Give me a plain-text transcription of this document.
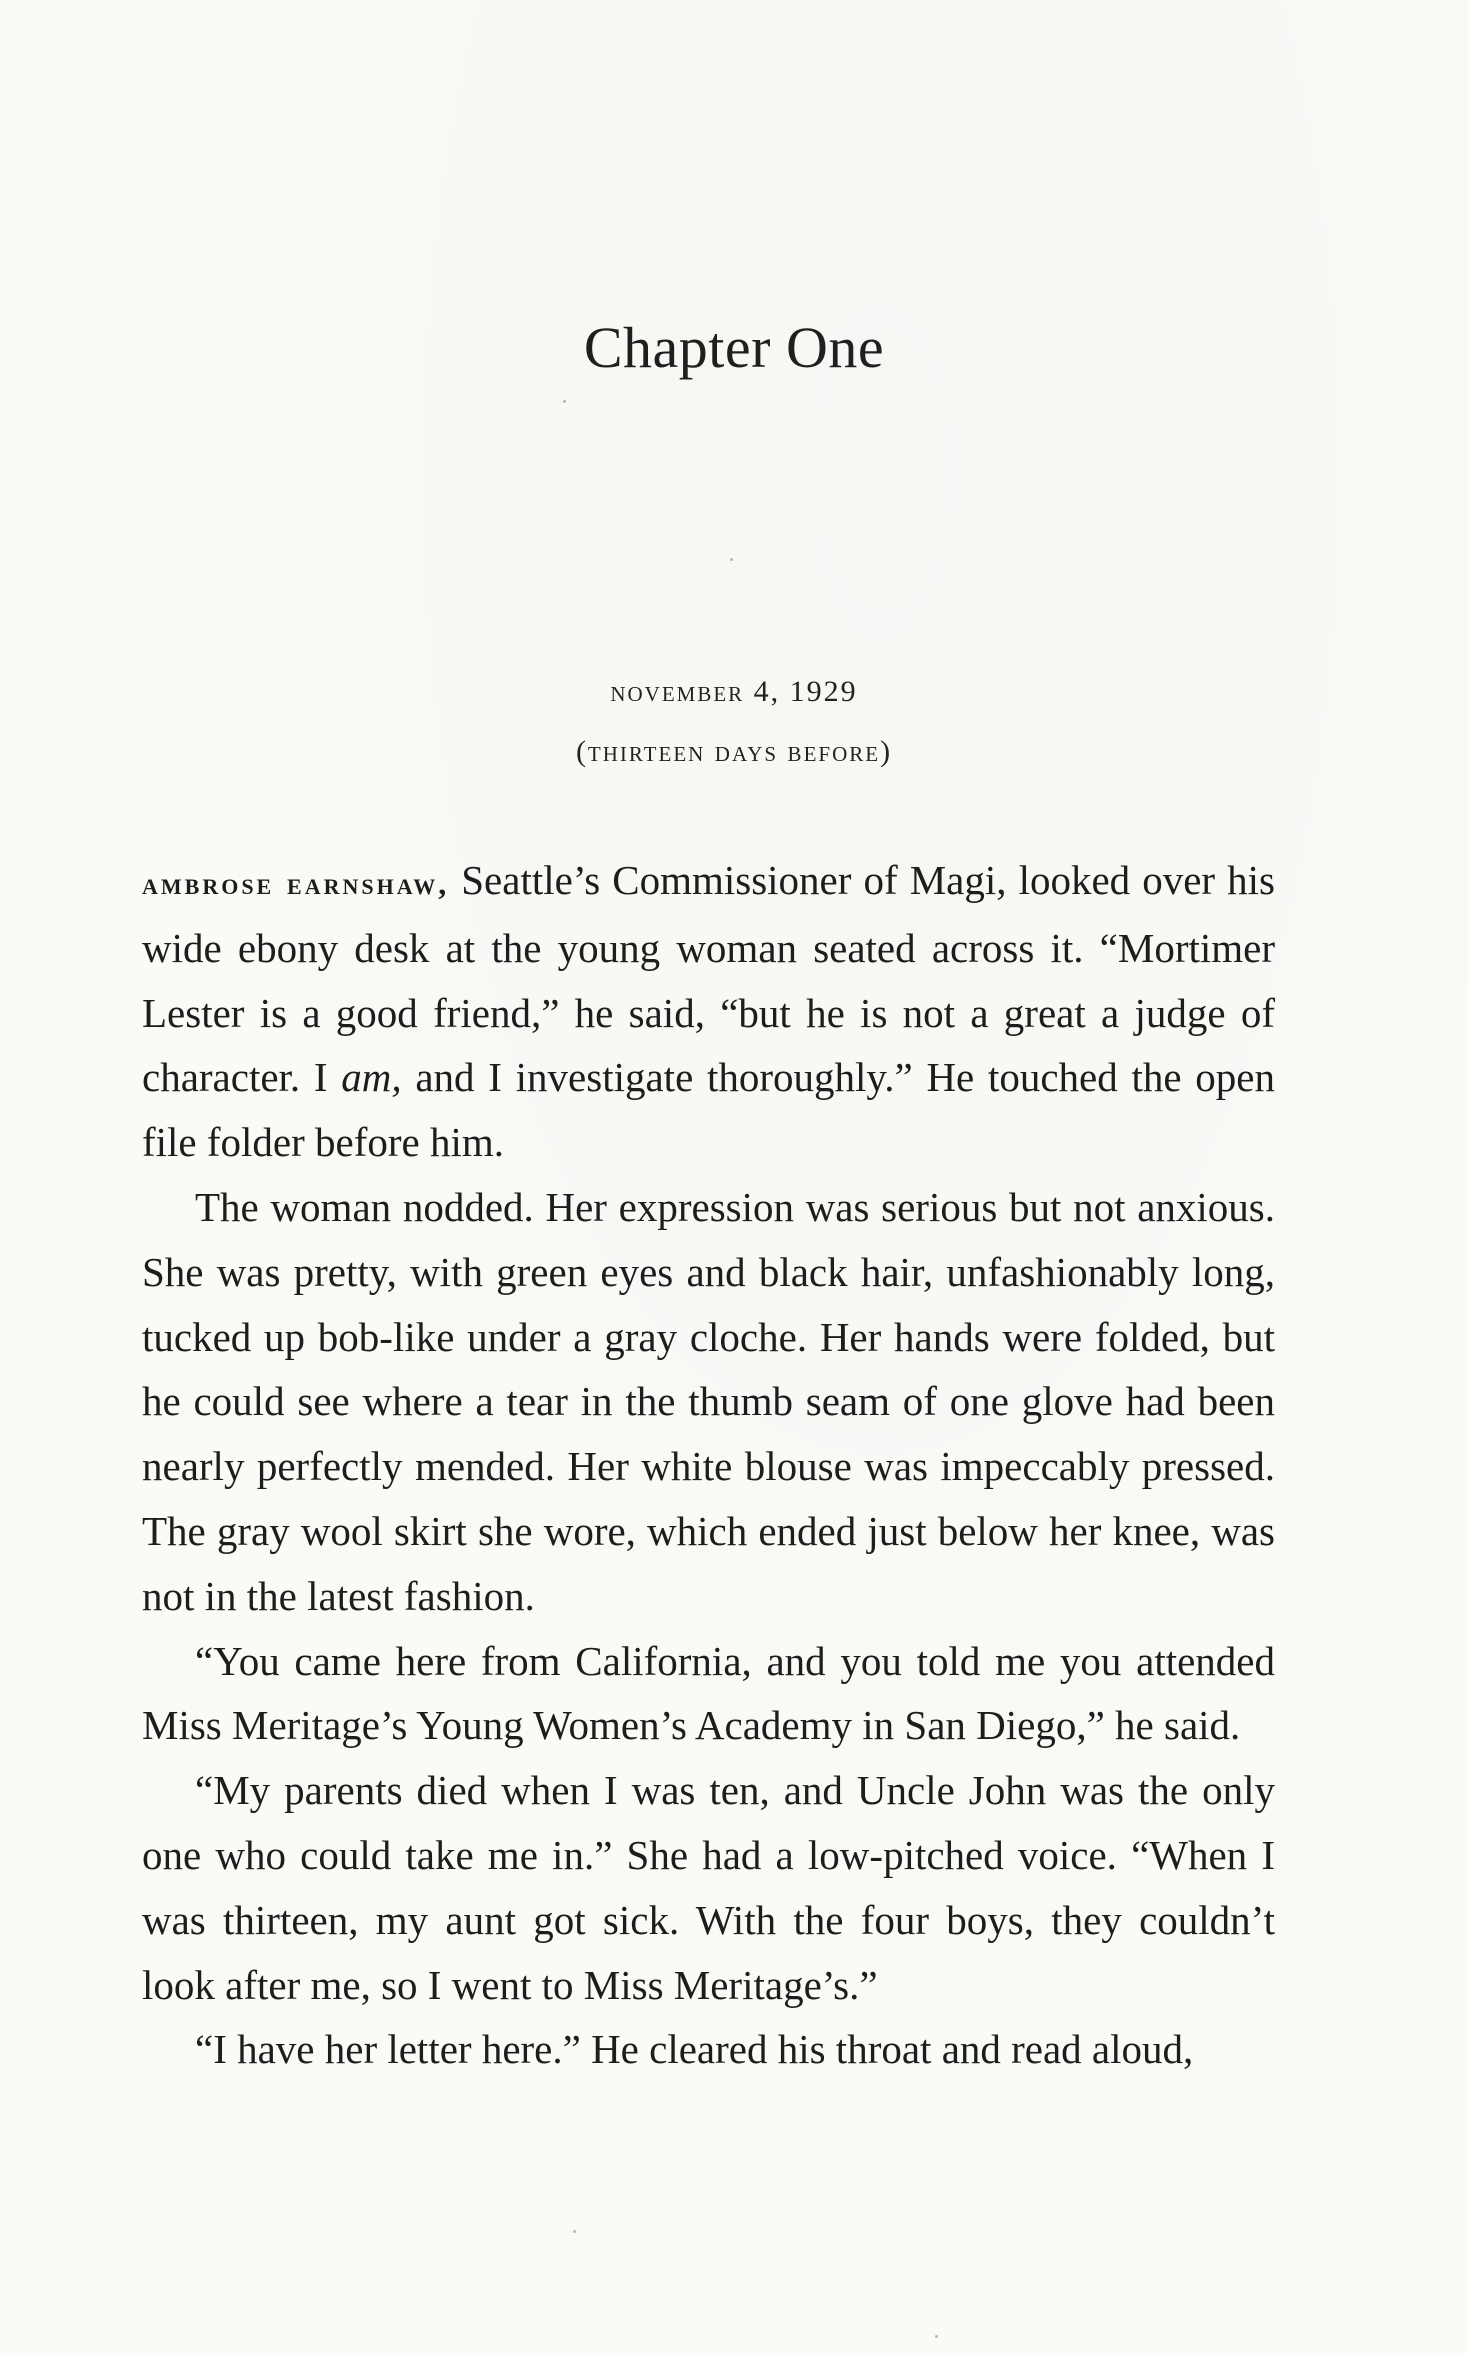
Chapter One

november 4, 1929

(thirteen days before)

ambrose earnshaw, Seattle’s Commissioner of Magi, looked over his wide ebony desk at the young woman seated across it. “Mortimer Lester is a good friend,” he said, “but he is not a great a judge of character. I am, and I investigate thoroughly.” He touched the open file folder before him.

The woman nodded. Her expression was serious but not anxious. She was pretty, with green eyes and black hair, unfashionably long, tucked up bob-like under a gray cloche. Her hands were folded, but he could see where a tear in the thumb seam of one glove had been nearly perfectly mended. Her white blouse was impeccably pressed. The gray wool skirt she wore, which ended just below her knee, was not in the latest fashion.

“You came here from California, and you told me you attended Miss Meritage’s Young Women’s Academy in San Diego,” he said.

“My parents died when I was ten, and Uncle John was the only one who could take me in.” She had a low-pitched voice. “When I was thirteen, my aunt got sick. With the four boys, they couldn’t look after me, so I went to Miss Meritage’s.”

“I have her letter here.” He cleared his throat and read aloud,
